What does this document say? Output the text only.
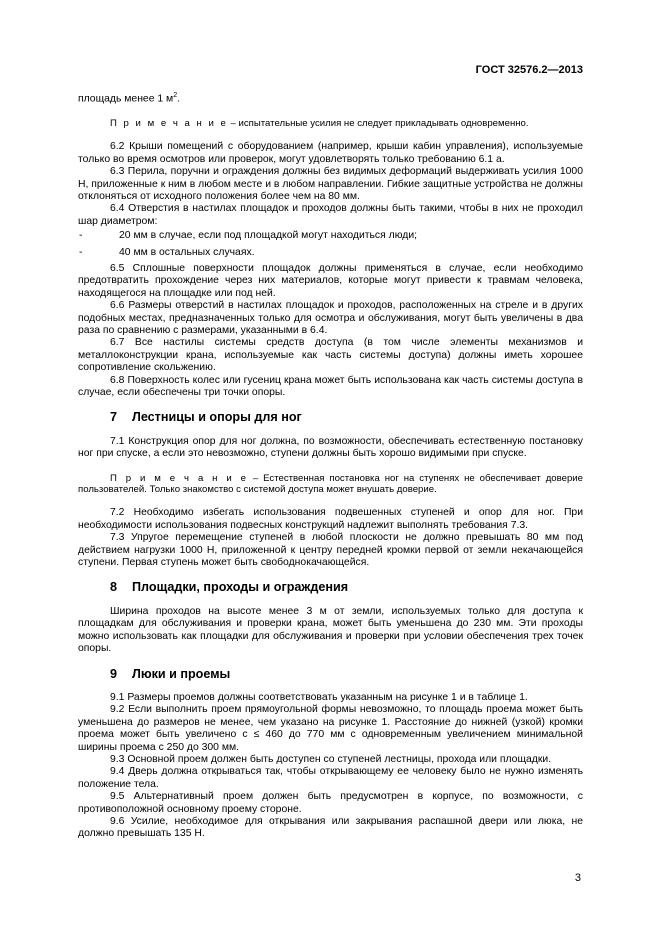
ГОСТ 32576.2—2013

площадь менее 1 $м^2$.

П р и м е ч а н и е – испытательные усилия не следует прикладывать одновременно.

6.2 Крыши помещений с оборудованием (например, крыши кабин управления), используемые только во время осмотров или проверок, могут удовлетворять только требованию 6.1 а.

6.3 Перила, поручни и ограждения должны без видимых деформаций выдерживать усилия 1000 Н, приложенные к ним в любом месте и в любом направлении. Гибкие защитные устройства не должны отклоняться от исходного положения более чем на 80 мм.

6.4 Отверстия в настилах площадок и проходов должны быть такими, чтобы в них не проходил шар диаметром:

-	20 мм в случае, если под площадкой могут находиться люди;
-	40 мм в остальных случаях.

6.5 Сплошные поверхности площадок должны применяться в случае, если необходимо предотвратить прохождение через них материалов, которые могут привести к травмам человека, находящегося на площадке или под ней.

6.6 Размеры отверстий в настилах площадок и проходов, расположенных на стреле и в других подобных местах, предназначенных только для осмотра и обслуживания, могут быть увеличены в два раза по сравнению с размерами, указанными в 6.4.

6.7 Все настилы системы средств доступа (в том числе элементы механизмов и металлоконструкции крана, используемые как часть системы доступа) должны иметь хорошее сопротивление скольжению.

6.8 Поверхность колес или гусениц крана может быть использована как часть системы доступа в случае, если обеспечены три точки опоры.

7 Лестницы и опоры для ног

7.1 Конструкция опор для ног должна, по возможности, обеспечивать естественную постановку ног при спуске, а если это невозможно, ступени должны быть хорошо видимыми при спуске.

П р и м е ч а н и е – Естественная постановка ног на ступенях не обеспечивает доверие пользователей. Только знакомство с системой доступа может внушать доверие.

7.2 Необходимо избегать использования подвешенных ступеней и опор для ног. При необходимости использования подвесных конструкций надлежит выполнять требования 7.3.

7.3 Упругое перемещение ступеней в любой плоскости не должно превышать 80 мм под действием нагрузки 1000 Н, приложенной к центру передней кромки первой от земли некачающейся ступени. Первая ступень может быть свободнокачающейся.

8 Площадки, проходы и ограждения

Ширина проходов на высоте менее 3 м от земли, используемых только для доступа к площадкам для обслуживания и проверки крана, может быть уменьшена до 230 мм. Эти проходы можно использовать как площадки для обслуживания и проверки при условии обеспечения трех точек опоры.

9 Люки и проемы

9.1 Размеры проемов должны соответствовать указанным на рисунке 1 и в таблице 1.

9.2 Если выполнить проем прямоугольной формы невозможно, то площадь проема может быть уменьшена до размеров не менее, чем указано на рисунке 1. Расстояние до нижней (узкой) кромки проема может быть увеличено с ≤ 460 до 770 мм с одновременным увеличением минимальной ширины проема с 250 до 300 мм.

9.3 Основной проем должен быть доступен со ступеней лестницы, прохода или площадки.

9.4 Дверь должна открываться так, чтобы открывающему ее человеку было не нужно изменять положение тела.

9.5 Альтернативный проем должен быть предусмотрен в корпусе, по возможности, с противоположной основному проему стороне.

9.6 Усилие, необходимое для открывания или закрывания распашной двери или люка, не должно превышать 135 Н.

3
